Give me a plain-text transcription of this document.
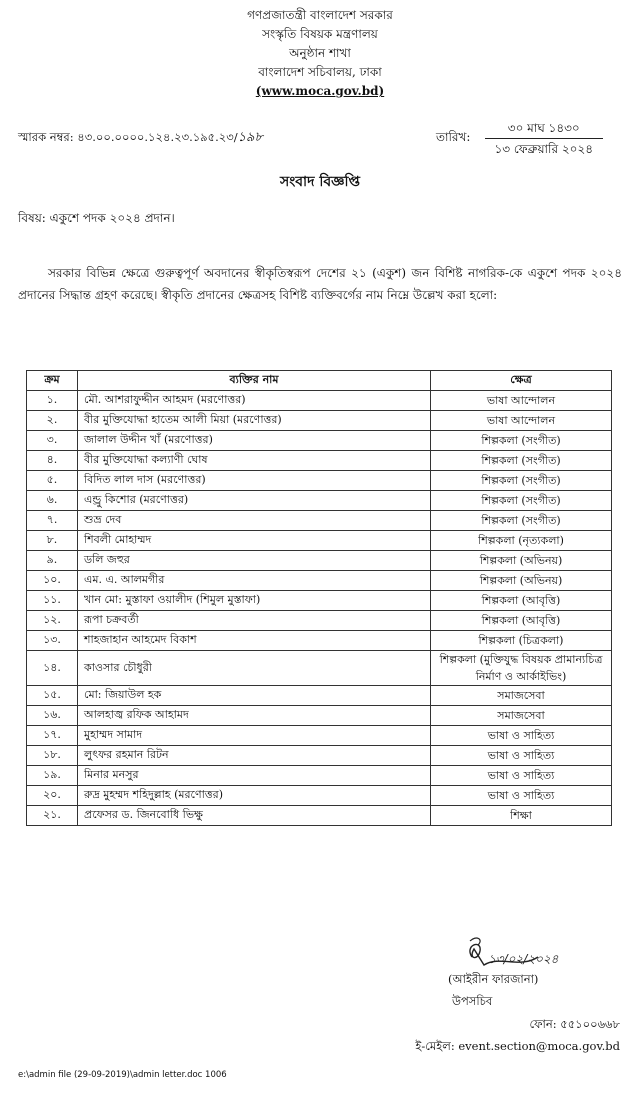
গণপ্রজাতন্ত্রী বাংলাদেশ সরকার
সংস্কৃতি বিষয়ক মন্ত্রণালয়
অনুষ্ঠান শাখা
বাংলাদেশ সচিবালয়, ঢাকা
(www.moca.gov.bd)
স্মারক নম্বর: ৪৩.০০.০০০০.১২৪.২৩.১৯৫.২৩/১৯৮	তারিখ:
৩০ মাঘ ১৪৩০
১৩ ফেব্রুয়ারি ২০২৪
সংবাদ বিজ্ঞপ্তি
বিষয়: একুশে পদক ২০২৪ প্রদান।
সরকার বিভিন্ন ক্ষেত্রে গুরুত্বপূর্ণ অবদানের স্বীকৃতিস্বরূপ দেশের ২১ (একুশ) জন বিশিষ্ট নাগরিক-কে একুশে পদক ২০২৪ প্রদানের সিদ্ধান্ত গ্রহণ করেছে। স্বীকৃতি প্রদানের ক্ষেত্রসহ বিশিষ্ট ব্যক্তিবর্গের নাম নিম্নে উল্লেখ করা হলো:
ক্রম	ব্যক্তির নাম	ক্ষেত্র
১.	মৌ. আশরাফুদ্দীন আহমদ (মরণোত্তর)	ভাষা আন্দোলন
২.	বীর মুক্তিযোদ্ধা হাতেম আলী মিয়া (মরণোত্তর)	ভাষা আন্দোলন
৩.	জালাল উদ্দীন খাঁ (মরণোত্তর)	শিল্পকলা (সংগীত)
৪.	বীর মুক্তিযোদ্ধা কল্যাণী ঘোষ	শিল্পকলা (সংগীত)
৫.	বিদিত লাল দাস (মরণোত্তর)	শিল্পকলা (সংগীত)
৬.	এন্ড্রু কিশোর (মরণোত্তর)	শিল্পকলা (সংগীত)
৭.	শুভ্র দেব	শিল্পকলা (সংগীত)
৮.	শিবলী মোহাম্মদ	শিল্পকলা (নৃত্যকলা)
৯.	ডলি জহুর	শিল্পকলা (অভিনয়)
১০.	এম. এ. আলমগীর	শিল্পকলা (অভিনয়)
১১.	খান মো: মুস্তাফা ওয়ালীদ (শিমুল মুস্তাফা)	শিল্পকলা (আবৃত্তি)
১২.	রূপা চক্রবর্তী	শিল্পকলা (আবৃত্তি)
১৩.	শাহজাহান আহমেদ বিকাশ	শিল্পকলা (চিত্রকলা)
১৪.	কাওসার চৌধুরী	শিল্পকলা (মুক্তিযুদ্ধ বিষয়ক প্রামান্যচিত্র নির্মাণ ও আর্কাইভিং)
১৫.	মো: জিয়াউল হক	সমাজসেবা
১৬.	আলহাজ্ব রফিক আহামদ	সমাজসেবা
১৭.	মুহাম্মদ সামাদ	ভাষা ও সাহিত্য
১৮.	লুৎফর রহমান রিটন	ভাষা ও সাহিত্য
১৯.	মিনার মনসুর	ভাষা ও সাহিত্য
২০.	রুদ্র মুহম্মদ শহিদুল্লাহ (মরণোত্তর)	ভাষা ও সাহিত্য
২১.	প্রফেসর ড. জিনবোধি ভিক্ষু	শিক্ষা
১৩/০২/২০২৪
(আইরীন ফারজানা)
উপসচিব
ফোন: ৫৫১০০৬৬৮
ই-মেইল: event.section@moca.gov.bd
e:\admin file (29-09-2019)\admin letter.doc 1006
